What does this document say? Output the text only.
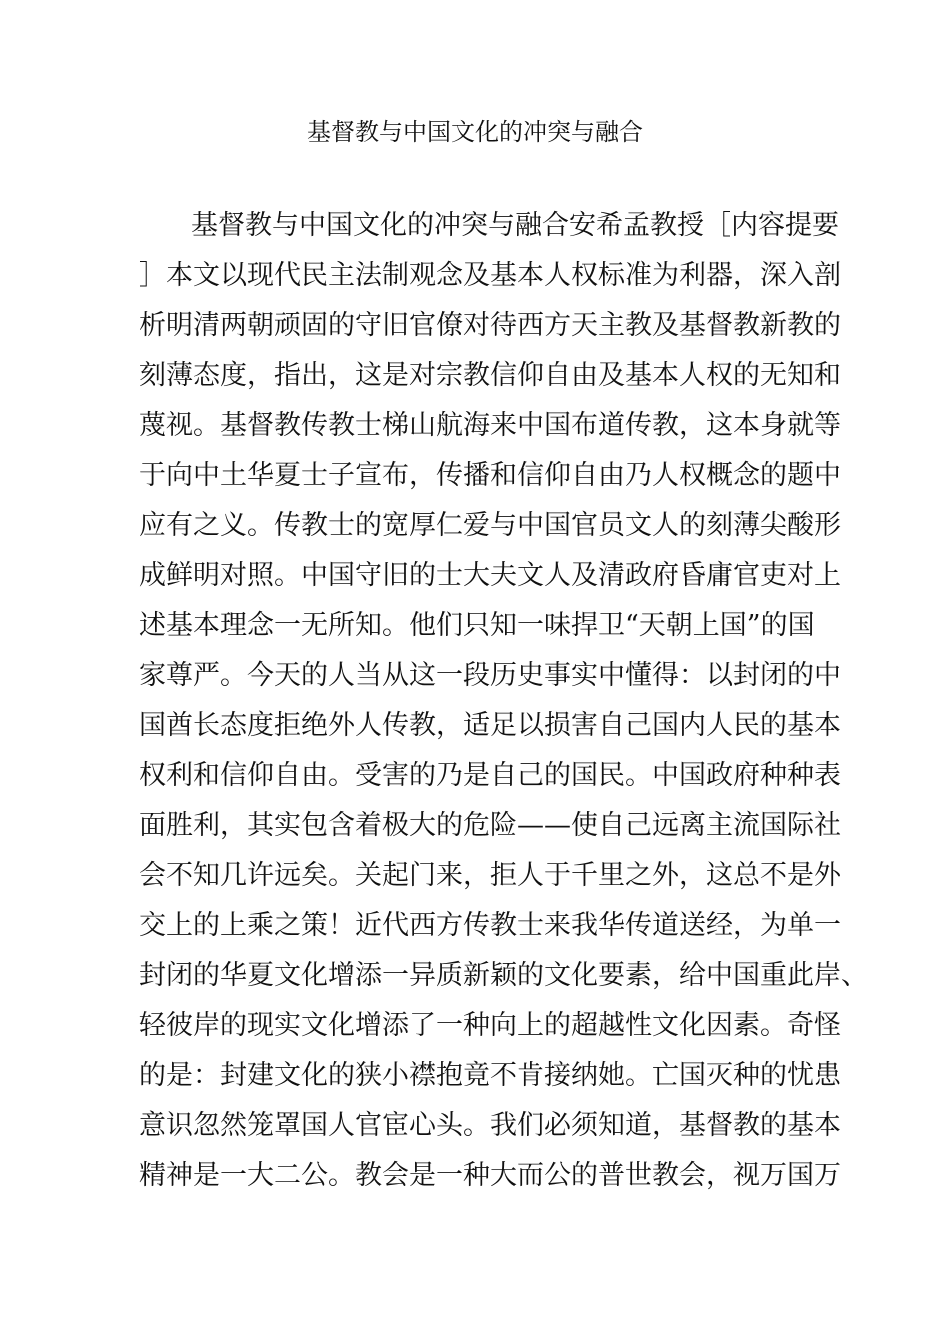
基督教与中国文化的冲突与融合
基督教与中国文化的冲突与融合安希孟教授［内容提要
］本文以现代民主法制观念及基本人权标准为利器，深入剖
析明清两朝顽固的守旧官僚对待西方天主教及基督教新教的
刻薄态度，指出，这是对宗教信仰自由及基本人权的无知和
蔑视。基督教传教士梯山航海来中国布道传教，这本身就等
于向中土华夏士子宣布，传播和信仰自由乃人权概念的题中
应有之义。传教士的宽厚仁爱与中国官员文人的刻薄尖酸形
成鲜明对照。中国守旧的士大夫文人及清政府昏庸官吏对上
述基本理念一无所知。他们只知一味捍卫“天朝上国”的国
家尊严。今天的人当从这一段历史事实中懂得：以封闭的中
国酋长态度拒绝外人传教，适足以损害自己国内人民的基本
权利和信仰自由。受害的乃是自己的国民。中国政府种种表
面胜利，其实包含着极大的危险——使自己远离主流国际社
会不知几许远矣。关起门来，拒人于千里之外，这总不是外
交上的上乘之策！近代西方传教士来我华传道送经，为单一
封闭的华夏文化增添一异质新颖的文化要素，给中国重此岸、
轻彼岸的现实文化增添了一种向上的超越性文化因素。奇怪
的是：封建文化的狭小襟抱竟不肯接纳她。亡国灭种的忧患
意识忽然笼罩国人官宦心头。我们必须知道，基督教的基本
精神是一大二公。教会是一种大而公的普世教会，视万国万
